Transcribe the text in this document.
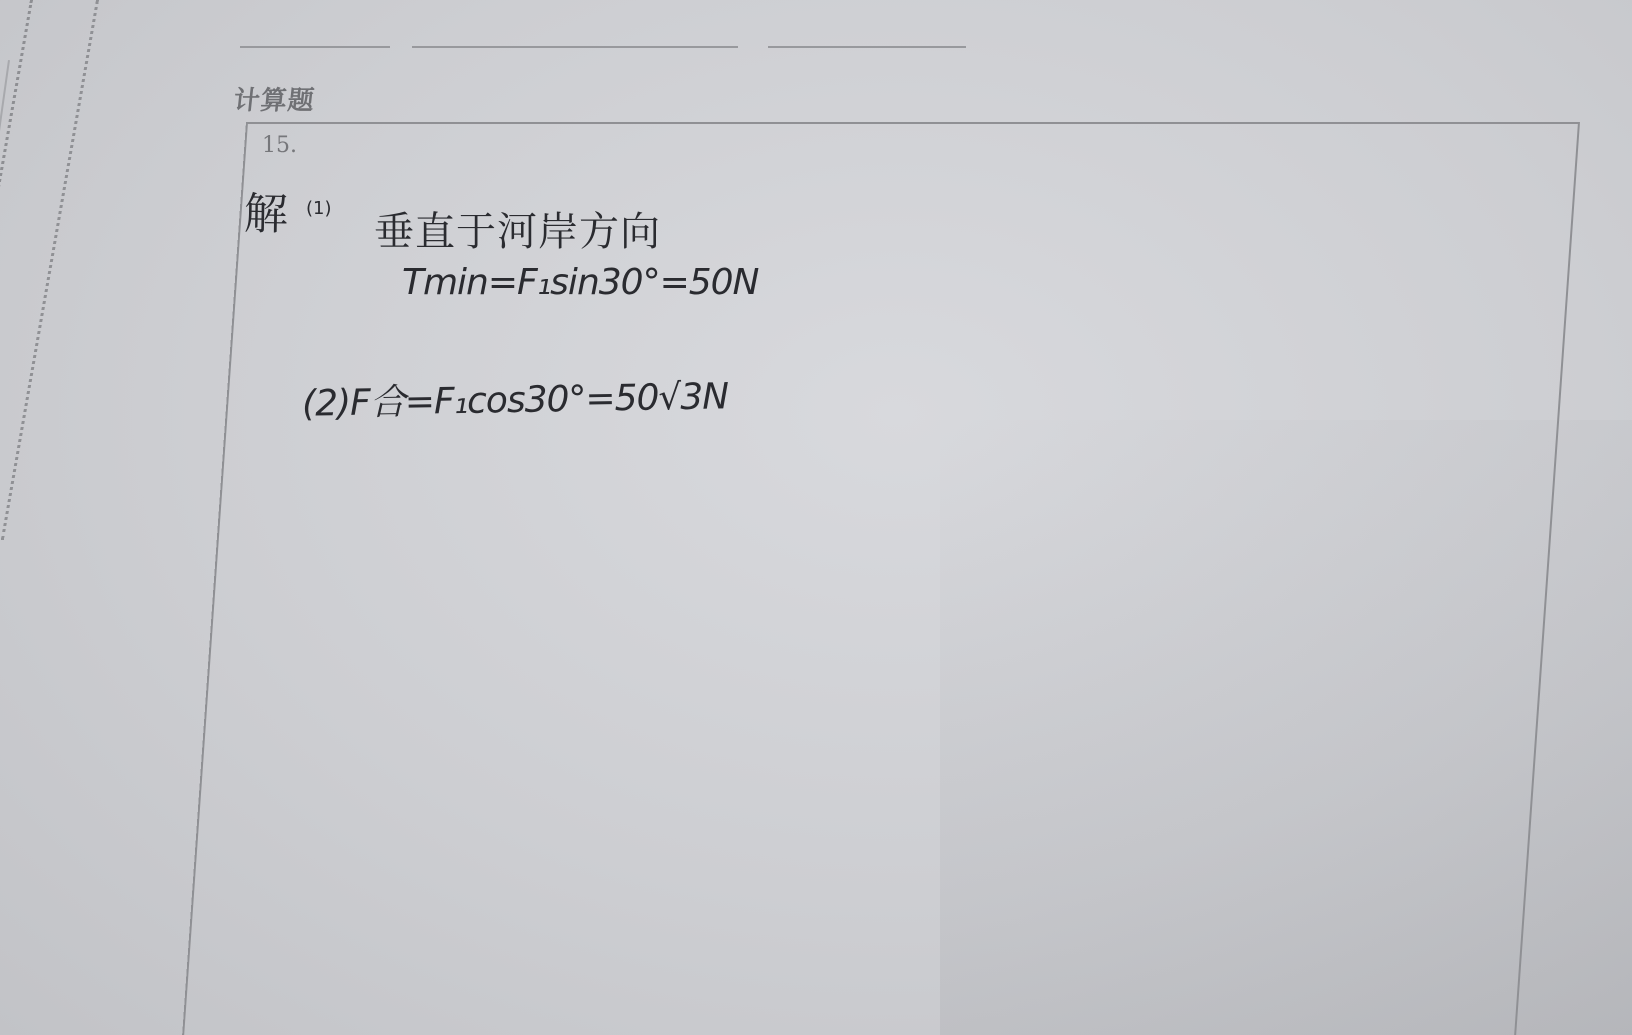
计算题
15.
解 (1)
垂直于河岸方向
Tmin=F₁sin30°=50N
(2)F合=F₁cos30°=50√3N
